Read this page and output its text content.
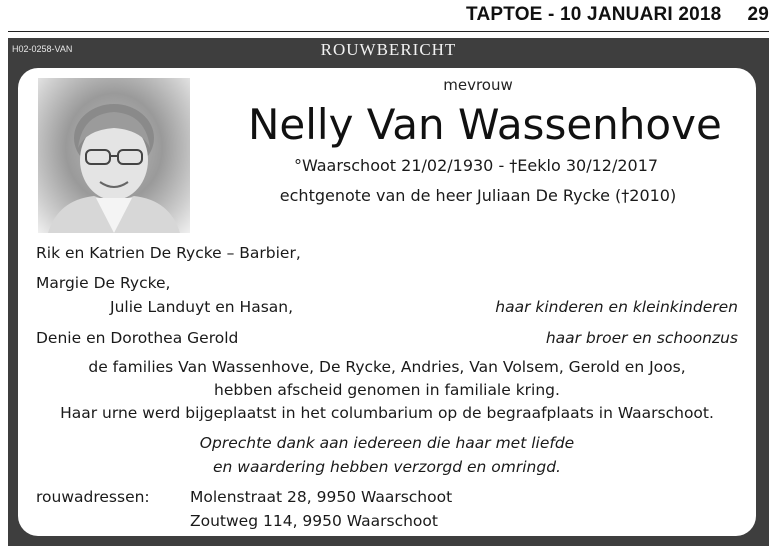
TAPTOE - 10 JANUARI 2018 29
H02-0258-VAN	ROUWBERICHT
mevrouw
Nelly Van Wassenhove
°Waarschoot 21/02/1930 - †Eeklo 30/12/2017
echtgenote van de heer Juliaan De Rycke (†2010)
Rik en Katrien De Rycke – Barbier,
Margie De Rycke,
Julie Landuyt en Hasan,	haar kinderen en kleinkinderen
Denie en Dorothea Gerold	haar broer en schoonzus
de families Van Wassenhove, De Rycke, Andries, Van Volsem, Gerold en Joos,
hebben afscheid genomen in familiale kring.
Haar urne werd bijgeplaatst in het columbarium op de begraafplaats in Waarschoot.
Oprechte dank aan iedereen die haar met liefde
en waardering hebben verzorgd en omringd.
rouwadressen:	Molenstraat 28, 9950 Waarschoot
Zoutweg 114, 9950 Waarschoot
